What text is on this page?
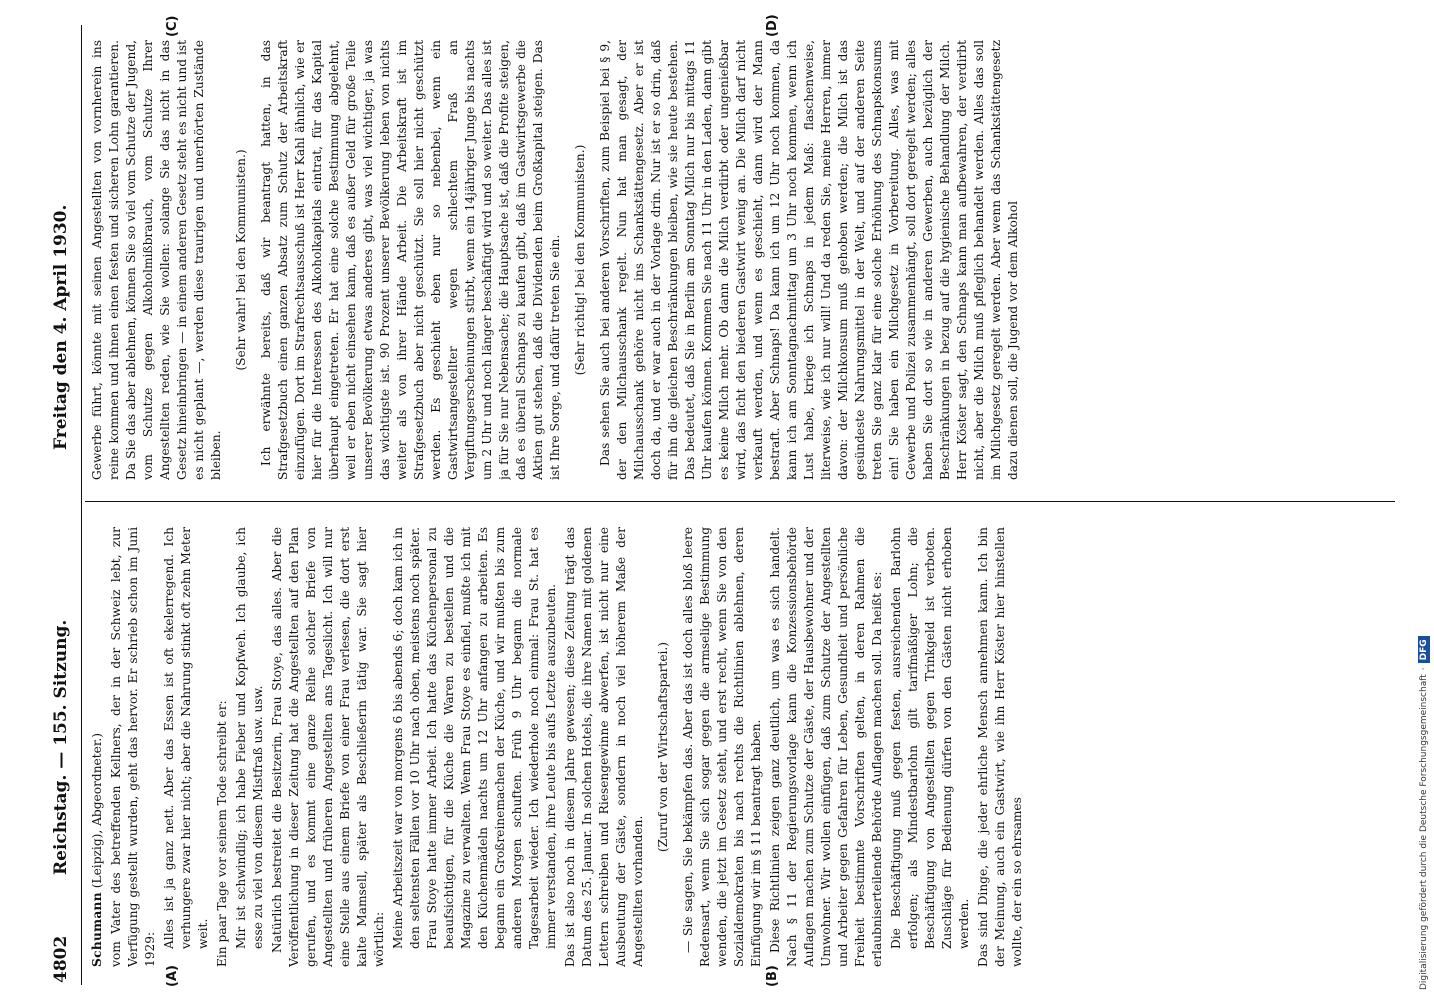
4802
Reichstag. — 155. Sitzung.
Freitag den 4. April 1930.
(A)	(B)
(C)	(D)

Schumann (Leipzig), Abgeordneter.) vom Vater des betreffenden Kellners, der in der Schweiz lebt, zur Verfügung gestellt wurden, geht das hervor. Er schrieb schon im Juni 1929:

Alles ist ja ganz nett. Aber das Essen ist oft ekelerregend. Ich verhungere zwar hier nicht; aber die Nahrung stinkt oft zehn Meter weit. Ein paar Tage vor seinem Tode schreibt er: Mir ist schwindlig; ich habe Fieber und Kopfweh. Ich glaube, ich esse zu viel von diesem Mistfraß usw. usw. Natürlich bestreitet die Besitzerin, Frau Stoye, das alles. Aber die Veröffentlichung in dieser Zeitung hat die Angestellten auf den Plan gerufen, und es kommt eine ganze Reihe solcher Briefe von Angestellten und früheren Angestellten ans Tageslicht. Ich will nur eine Stelle aus einem Briefe von einer Frau verlesen, die dort erst kalte Mamsell, später als Beschließerin tätig war. Sie sagt hier wörtlich: Meine Arbeitszeit war von morgens 6 bis abends 6; doch kam ich in den seltensten Fällen vor 10 Uhr nach oben, meistens noch später. Frau Stoye hatte immer Arbeit. Ich hatte das Küchenpersonal zu beaufsichtigen, für die Küche die Waren zu bestellen und die Magazine zu verwalten. Wenn Frau Stoye es einfiel, mußte ich mit den Küchenmädeln nachts um 12 Uhr anfangen zu arbeiten. Es begann ein Großreinemachen der Küche, und wir mußten bis zum anderen Morgen schuften. Früh 9 Uhr begann die normale Tagesarbeit wieder. Ich wiederhole noch einmal: Frau St. hat es immer verstanden, ihre Leute bis aufs Letzte auszubeuten. Das ist also noch in diesem Jahre gewesen; diese Zeitung trägt das Datum des 25. Januar. In solchen Hotels, die ihre Namen mit goldenen Lettern schreiben und Riesengewinne abwerfen, ist nicht nur eine Ausbeutung der Gäste, sondern in noch viel höherem Maße der Angestellten vorhanden.

(Zuruf von der Wirtschaftspartei.) — Sie sagen, Sie bekämpfen das. Aber das ist doch alles bloß leere Redensart, wenn Sie sich sogar gegen die armselige Bestimmung wenden, die jetzt im Gesetz steht, und erst recht, wenn Sie von den Sozialdemokraten bis nach rechts die Richtlinien ablehnen, deren Einfügung wir im § 11 beantragt haben. Diese Richtlinien zeigen ganz deutlich, um was es sich handelt. Nach § 11 der Regierungsvorlage kann die Konzessionsbehörde Auflagen machen zum Schutze der Gäste, der Hausbewohner und der Umwohner. Wir wollen einfügen, daß zum Schutze der Angestellten und Arbeiter gegen Gefahren für Leben, Gesundheit und persönliche Freiheit bestimmte Vorschriften gelten, in deren Rahmen die erlaubniserteilende Behörde Auflagen machen soll. Da heißt es: Die Beschäftigung muß gegen festen, ausreichenden Barlohn erfolgen; als Mindestbarlohn gilt tarifmäßiger Lohn; die Beschäftigung von Angestellten gegen Trinkgeld ist verboten. Zuschläge für Bedienung dürfen von den Gästen nicht erhoben werden. Das sind Dinge, die jeder ehrliche Mensch annehmen kann. Ich bin der Meinung, auch ein Gastwirt, wie ihn Herr Köster hier hinstellen wollte, der ein so ehrsames

Gewerbe führt, könnte mit seinen Angestellten von vornherein ins reine kommen und ihnen einen festen und sicheren Lohn garantieren. Da Sie das aber ablehnen, können Sie so viel vom Schutze der Jugend, vom Schutze gegen Alkoholmißbrauch, vom Schutze Ihrer Angestellten reden, wie Sie wollen: solange Sie das nicht in das Gesetz hineinbringen — in einem anderen Gesetz steht es nicht und ist es nicht geplant —, werden diese traurigen und unerhörten Zustände bleiben.

(Sehr wahr! bei den Kommunisten.) Ich erwähnte bereits, daß wir beantragt hatten, in das Strafgesetzbuch einen ganzen Absatz zum Schutz der Arbeitskraft einzufügen. Dort im Strafrechtsausschuß ist Herr Kahl ähnlich, wie er hier für die Interessen des Alkoholkapitals eintrat, für das Kapital überhaupt eingetreten. Er hat eine solche Bestimmung abgelehnt, weil er eben nicht einsehen kann, daß es außer Geld für große Teile unserer Bevölkerung etwas anderes gibt, was viel wichtiger, ja was das wichtigste ist. 90 Prozent unserer Bevölkerung leben von nichts weiter als von ihrer Hände Arbeit. Die Arbeitskraft ist im Strafgesetzbuch aber nicht geschützt. Sie soll hier nicht geschützt werden. Es geschieht eben nur so nebenbei, wenn ein Gastwirtsangestellter wegen schlechtem Fraß an Vergiftungserscheinungen stirbt, wenn ein 14jähriger Junge bis nachts um 2 Uhr und noch länger beschäftigt wird und so weiter. Das alles ist ja für Sie nur Nebensache; die Hauptsache ist, daß die Profite steigen, daß es überall Schnaps zu kaufen gibt, daß im Gastwirtsgewerbe die Aktien gut stehen, daß die Dividenden beim Großkapital steigen. Das ist Ihre Sorge, und dafür treten Sie ein. (Sehr richtig! bei den Kommunisten.) Das sehen Sie auch bei anderen Vorschriften, zum Beispiel bei § 9, der den Milchausschank regelt. Nun hat man gesagt, der Milchausschank gehöre nicht ins Schankstättengesetz. Aber er ist doch da, und er war auch in der Vorlage drin. Nur ist er so drin, daß für ihn die gleichen Beschränkungen bleiben, wie sie heute bestehen. Das bedeutet, daß Sie in Berlin am Sonntag Milch nur bis mittags 11 Uhr kaufen können. Kommen Sie nach 11 Uhr in den Laden, dann gibt es keine Milch mehr. Ob dann die Milch verdirbt oder ungenießbar wird, das ficht den biederen Gastwirt wenig an. Die Milch darf nicht verkauft werden, und wenn es geschieht, dann wird der Mann bestraft. Aber Schnaps! Da kann ich um 12 Uhr noch kommen, da kann ich am Sonntagnachmittag um 3 Uhr noch kommen, wenn ich Lust habe, kriege ich Schnaps in jedem Maß: flaschenweise, literweise, wie ich nur will! Und da reden Sie, meine Herren, immer davon: der Milchkonsum muß gehoben werden; die Milch ist das gesündeste Nahrungsmittel in der Welt, und auf der anderen Seite treten Sie ganz klar für eine solche Erhöhung des Schnapskonsums ein! Sie haben ein Milchgesetz in Vorbereitung. Alles, was mit Gewerbe und Polizei zusammenhängt, soll dort geregelt werden; alles haben Sie dort so wie in anderen Gewerben, auch bezüglich der Beschränkungen in bezug auf die hygienische Behandlung der Milch. Herr Köster sagt, den Schnaps kann man aufbewahren, der verdirbt nicht, aber die Milch muß pfleglich behandelt werden. Alles das soll im Milchgesetz geregelt werden. Aber wenn das Schankstättengesetz dazu dienen soll, die Jugend vor dem Alkohol

Digitalisierung gefördert durch die Deutsche Forschungsgemeinschaft
·
DFG
